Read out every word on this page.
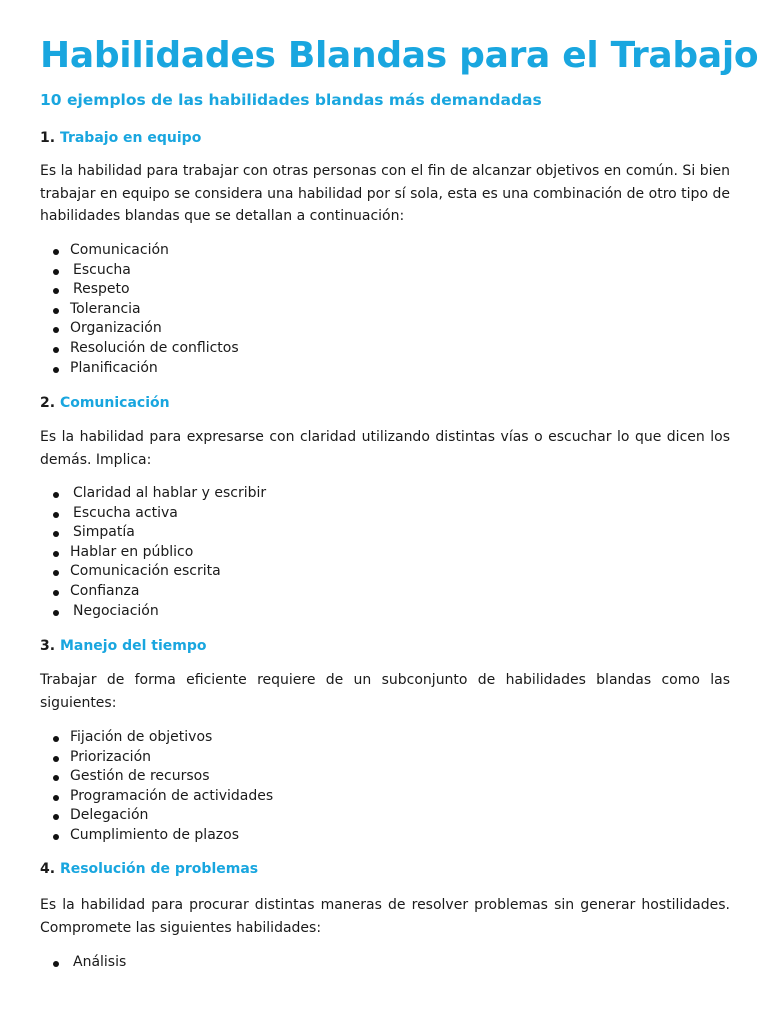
Habilidades Blandas para el Trabajo
10 ejemplos de las habilidades blandas más demandadas
1. Trabajo en equipo

Es la habilidad para trabajar con otras personas con el fin de alcanzar objetivos en común. Si bien trabajar en equipo se considera una habilidad por sí sola, esta es una combinación de otro tipo de habilidades blandas que se detallan a continuación:

Comunicación
Escucha
Respeto
Tolerancia
Organización
Resolución de conflictos
Planificación
2. Comunicación

Es la habilidad para expresarse con claridad utilizando distintas vías o escuchar lo que dicen los demás. Implica:

Claridad al hablar y escribir
Escucha activa
Simpatía
Hablar en público
Comunicación escrita
Confianza
Negociación
3. Manejo del tiempo

Trabajar de forma eficiente requiere de un subconjunto de habilidades blandas como las siguientes:

Fijación de objetivos
Priorización
Gestión de recursos
Programación de actividades
Delegación
Cumplimiento de plazos
4. Resolución de problemas

Es la habilidad para procurar distintas maneras de resolver problemas sin generar hostilidades. Compromete las siguientes habilidades:

Análisis
